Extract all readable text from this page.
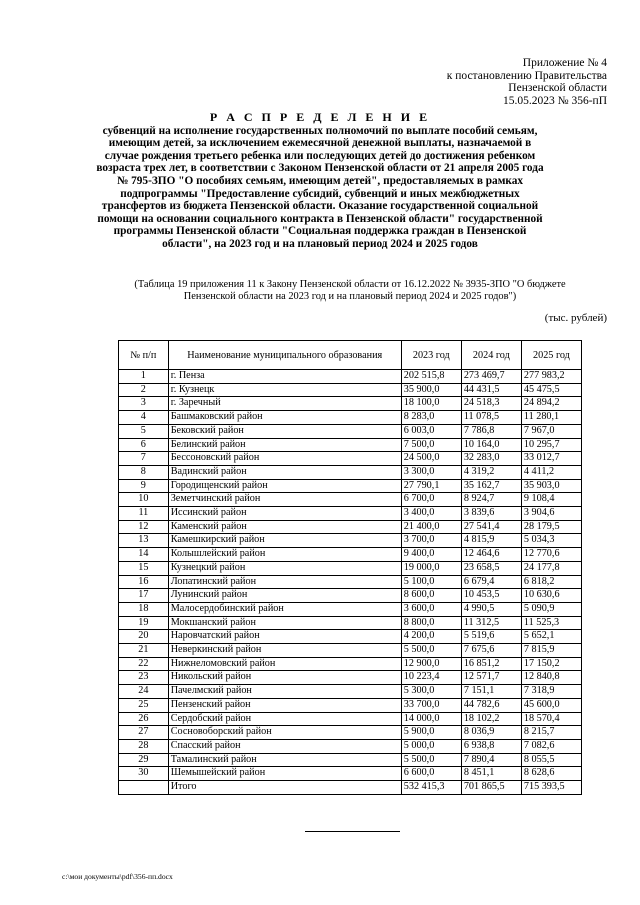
Приложение № 4
к постановлению Правительства
Пензенской области
15.05.2023 № 356-пП
Р А С П Р Е Д Е Л Е Н И Е
субвенций на исполнение государственных полномочий по выплате пособий семьям, имеющим детей, за исключением ежемесячной денежной выплаты, назначаемой в случае рождения третьего ребенка или последующих детей до достижения ребенком возраста трех лет, в соответствии с Законом Пензенской области от 21 апреля 2005 года № 795-ЗПО "О пособиях семьям, имеющим детей", предоставляемых в рамках подпрограммы "Предоставление субсидий, субвенций и иных межбюджетных трансфертов из бюджета Пензенской области. Оказание государственной социальной помощи на основании социального контракта в Пензенской области" государственной программы Пензенской области "Социальная поддержка граждан в Пензенской области", на 2023 год и на плановый период 2024 и 2025 годов
(Таблица 19 приложения 11 к Закону Пензенской области от 16.12.2022 № 3935-ЗПО "О бюджете Пензенской области на 2023 год и на плановый период 2024 и 2025 годов")
(тыс. рублей)
№ п/п	Наименование муниципального образования	2023 год	2024 год	2025 год
1	г. Пенза	202 515,8	273 469,7	277 983,2
2	г. Кузнецк	35 900,0	44 431,5	45 475,5
3	г. Заречный	18 100,0	24 518,3	24 894,2
4	Башмаковский район	8 283,0	11 078,5	11 280,1
5	Бековский район	6 003,0	7 786,8	7 967,0
6	Белинский район	7 500,0	10 164,0	10 295,7
7	Бессоновский район	24 500,0	32 283,0	33 012,7
8	Вадинский район	3 300,0	4 319,2	4 411,2
9	Городищенский район	27 790,1	35 162,7	35 903,0
10	Земетчинский район	6 700,0	8 924,7	9 108,4
11	Иссинский район	3 400,0	3 839,6	3 904,6
12	Каменский район	21 400,0	27 541,4	28 179,5
13	Камешкирский район	3 700,0	4 815,9	5 034,3
14	Колышлейский район	9 400,0	12 464,6	12 770,6
15	Кузнецкий район	19 000,0	23 658,5	24 177,8
16	Лопатинский район	5 100,0	6 679,4	6 818,2
17	Лунинский район	8 600,0	10 453,5	10 630,6
18	Малосердобинский район	3 600,0	4 990,5	5 090,9
19	Мокшанский район	8 800,0	11 312,5	11 525,3
20	Наровчатский район	4 200,0	5 519,6	5 652,1
21	Неверкинский район	5 500,0	7 675,6	7 815,9
22	Нижнеломовский район	12 900,0	16 851,2	17 150,2
23	Никольский район	10 223,4	12 571,7	12 840,8
24	Пачелмский район	5 300,0	7 151,1	7 318,9
25	Пензенский район	33 700,0	44 782,6	45 600,0
26	Сердобский район	14 000,0	18 102,2	18 570,4
27	Сосновоборский район	5 900,0	8 036,9	8 215,7
28	Спасский район	5 000,0	6 938,8	7 082,6
29	Тамалинский район	5 500,0	7 890,4	8 055,5
30	Шемышейский район	6 600,0	8 451,1	8 628,6
	Итого	532 415,3	701 865,5	715 393,5
c:\мои документы\pdf\356-пп.docx
